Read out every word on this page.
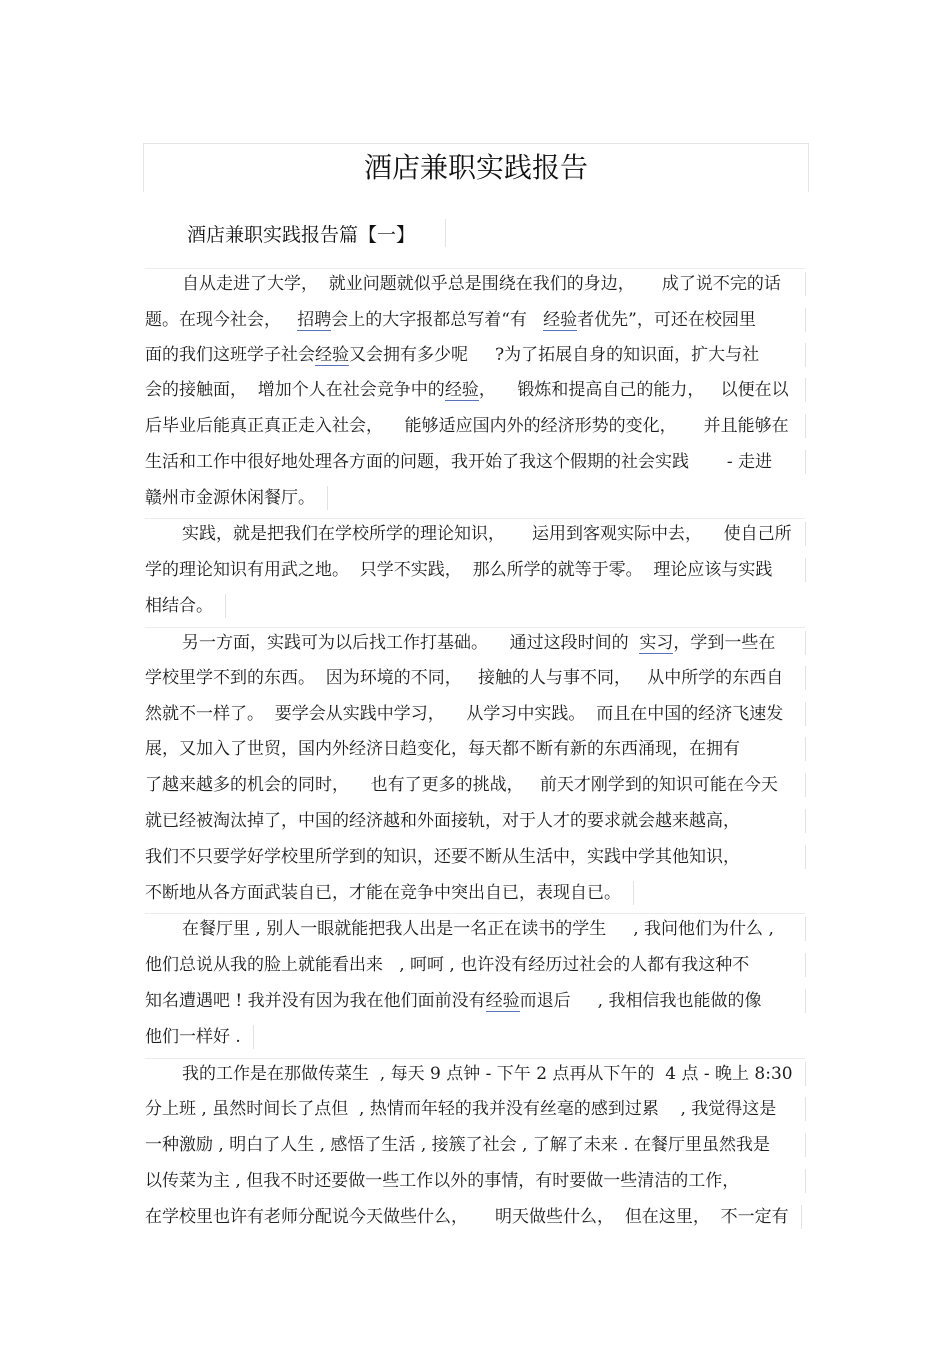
酒店兼职实践报告
酒店兼职实践报告篇【一】
自从走进了大学，  就业问题就似乎总是围绕在我们的身边，     成了说不完的话
题。在现今社会，   招聘会上的大字报都总写着“有   经验者优先”，可还在校园里
面的我们这班学子社会经验又会拥有多少呢     ?为了拓展自身的知识面，扩大与社
会的接触面，  增加个人在社会竞争中的经验，    锻炼和提高自己的能力，   以便在以
后毕业后能真正真正走入社会，    能够适应国内外的经济形势的变化，     并且能够在
生活和工作中很好地处理各方面的问题，我开始了我这个假期的社会实践       - 走进
赣州市金源休闲餐厅。
实践，就是把我们在学校所学的理论知识，     运用到客观实际中去，    使自己所
学的理论知识有用武之地。  只学不实践，  那么所学的就等于零。  理论应该与实践
相结合。
另一方面，实践可为以后找工作打基础。    通过这段时间的  实习，学到一些在
学校里学不到的东西。  因为环境的不同，   接触的人与事不同，   从中所学的东西自
然就不一样了。  要学会从实践中学习，    从学习中实践。  而且在中国的经济飞速发
展，又加入了世贸，国内外经济日趋变化，每天都不断有新的东西涌现，在拥有
了越来越多的机会的同时，    也有了更多的挑战，   前天才刚学到的知识可能在今天
就已经被淘汰掉了，中国的经济越和外面接轨，对于人才的要求就会越来越高，
我们不只要学好学校里所学到的知识，还要不断从生活中，实践中学其他知识，
不断地从各方面武装自已，才能在竞争中突出自已，表现自已。
在餐厅里 , 别人一眼就能把我人出是一名正在读书的学生     , 我问他们为什么 ,
他们总说从我的脸上就能看出来   , 呵呵 , 也许没有经历过社会的人都有我这种不
知名遭遇吧 ! 我并没有因为我在他们面前没有经验而退后     , 我相信我也能做的像
他们一样好 .
我的工作是在那做传菜生  , 每天 9 点钟 - 下午 2 点再从下午的  4 点 - 晚上 8:30
分上班 , 虽然时间长了点但  , 热情而年轻的我并没有丝毫的感到过累    , 我觉得这是
一种激励 , 明白了人生 , 感悟了生活 , 接簇了社会 , 了解了未来 . 在餐厅里虽然我是
以传菜为主 , 但我不时还要做一些工作以外的事情，有时要做一些清洁的工作，
在学校里也许有老师分配说今天做些什么，     明天做些什么，  但在这里，  不一定有
